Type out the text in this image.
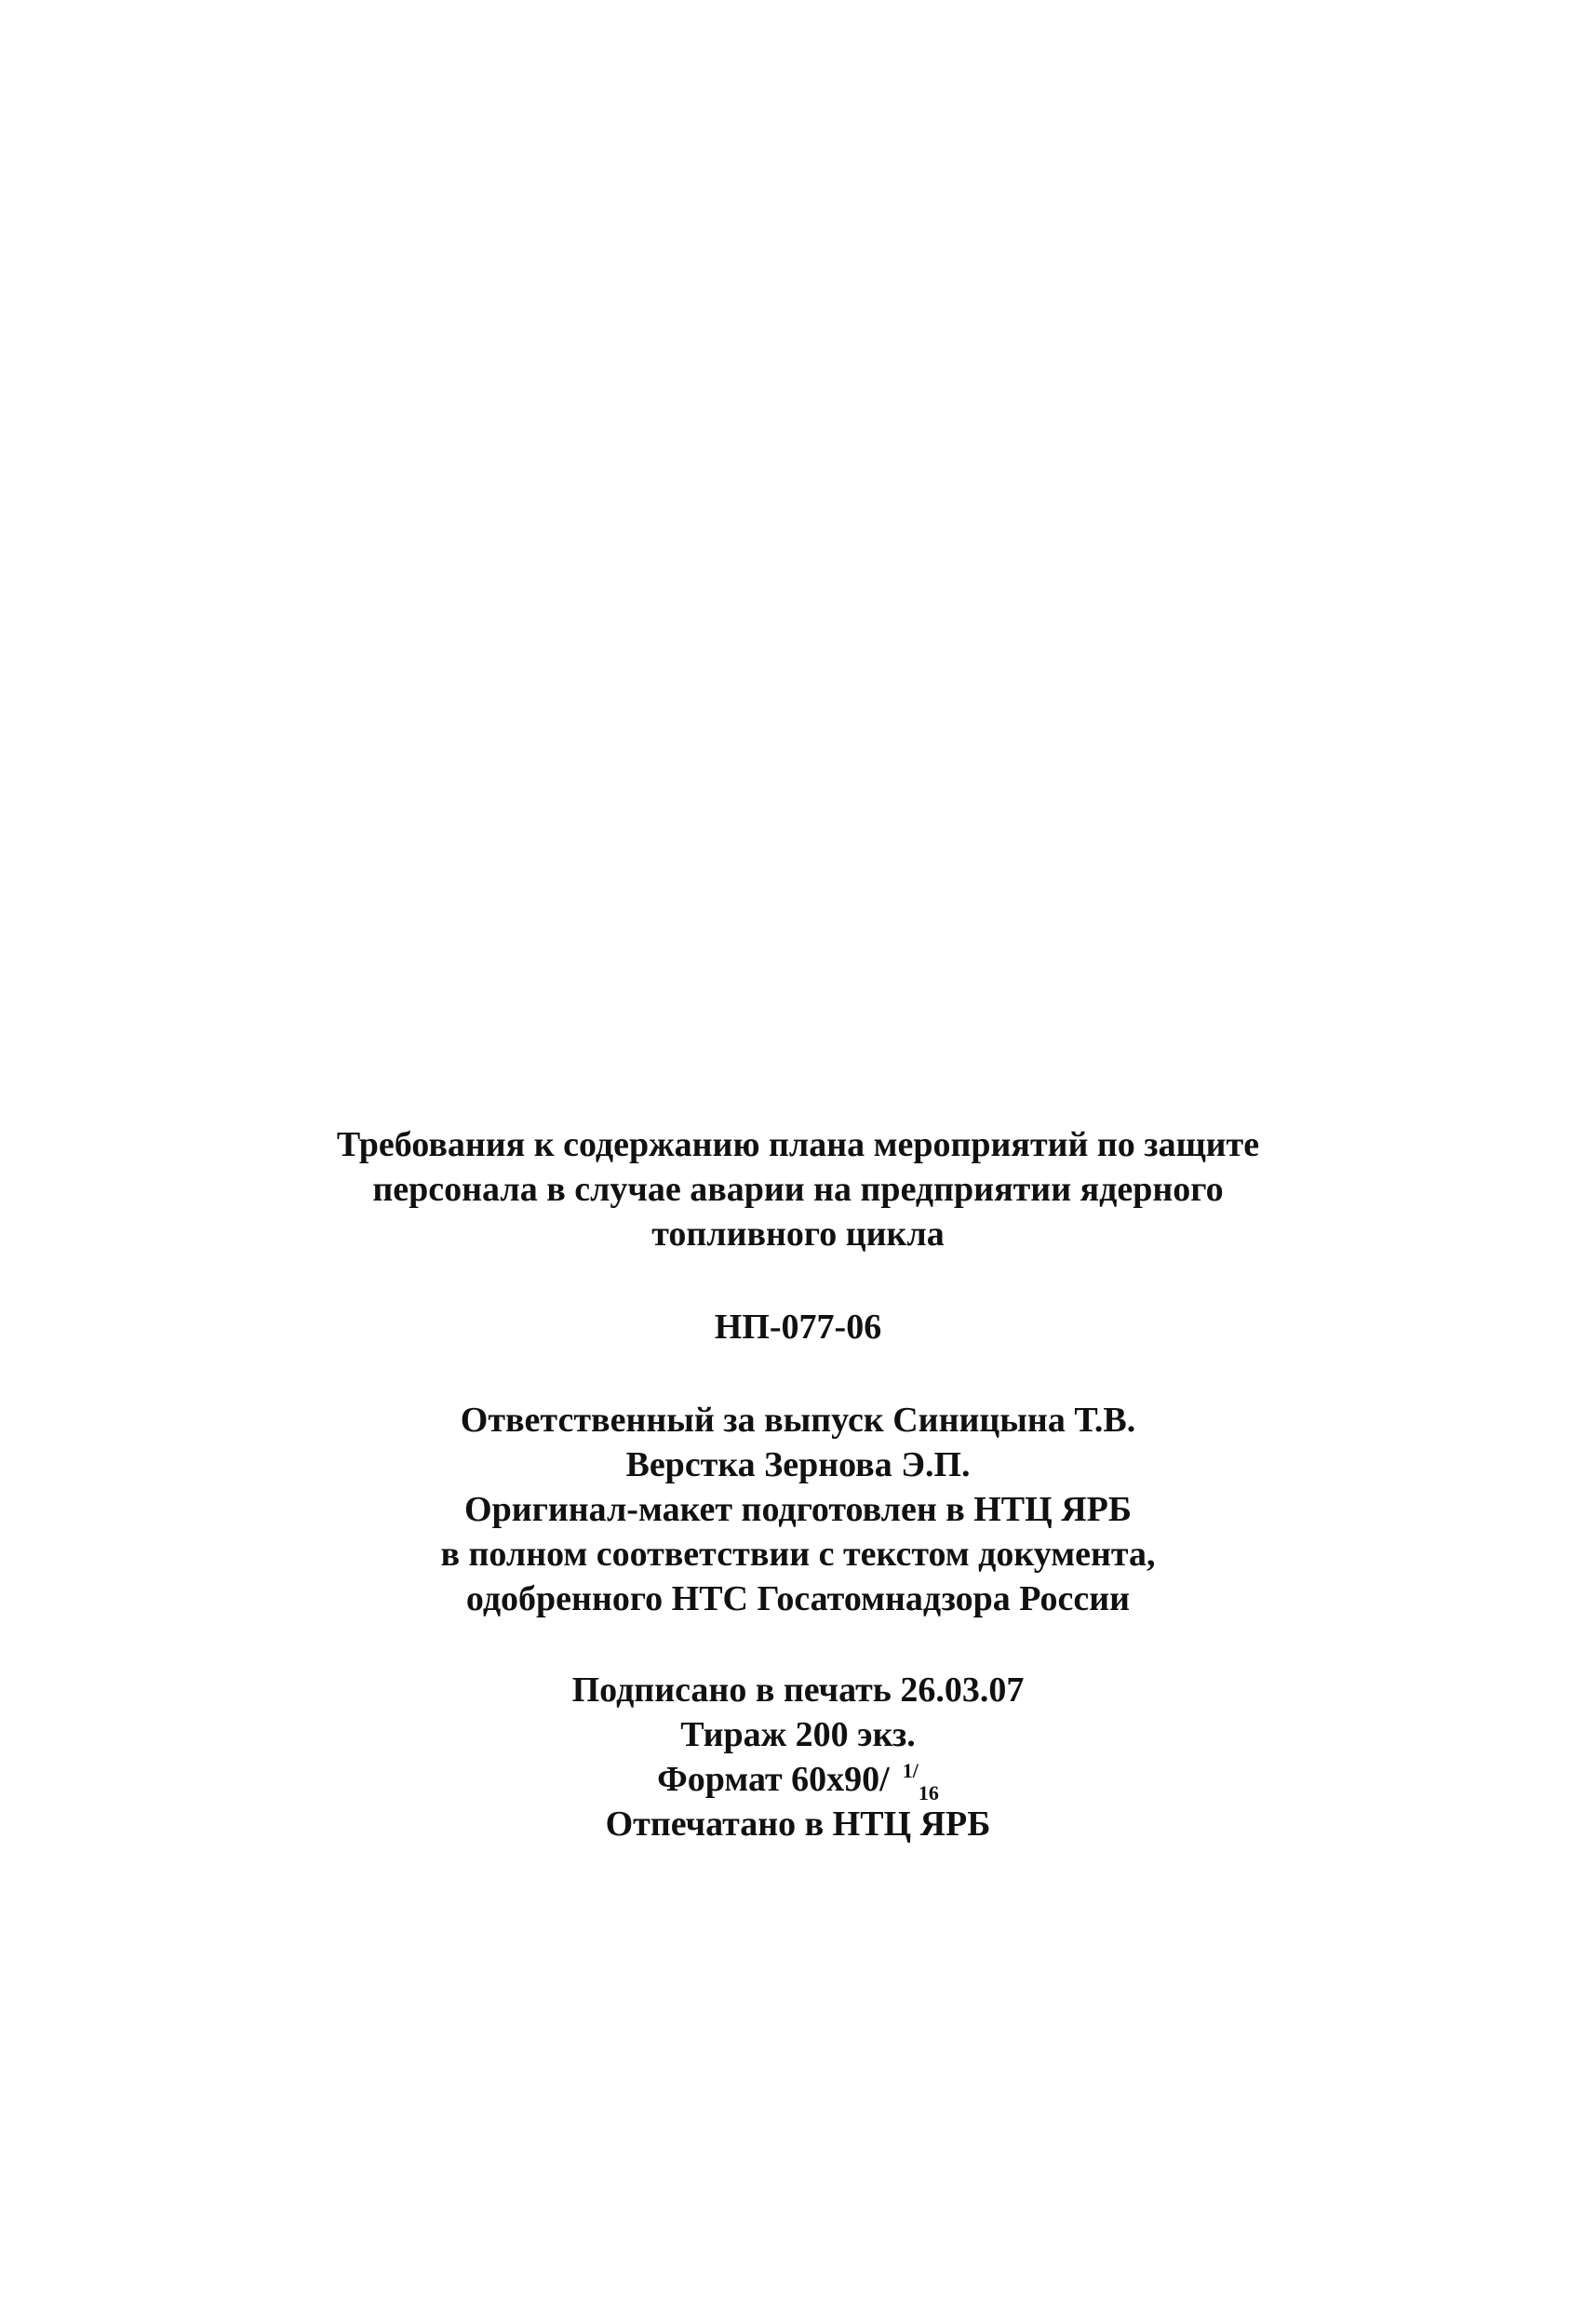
Требования к содержанию плана мероприятий по защите
персонала в случае аварии на предприятии ядерного
топливного цикла
НП-077-06
Ответственный за выпуск Синицына Т.В.
Верстка Зернова Э.П.
Оригинал-макет подготовлен в НТЦ ЯРБ
в полном соответствии с текстом документа,
одобренного НТС Госатомнадзора России
Подписано в печать 26.03.07
Тираж 200 экз.
Формат 60х90/ $^{1/}_{16}$
Отпечатано в НТЦ ЯРБ
